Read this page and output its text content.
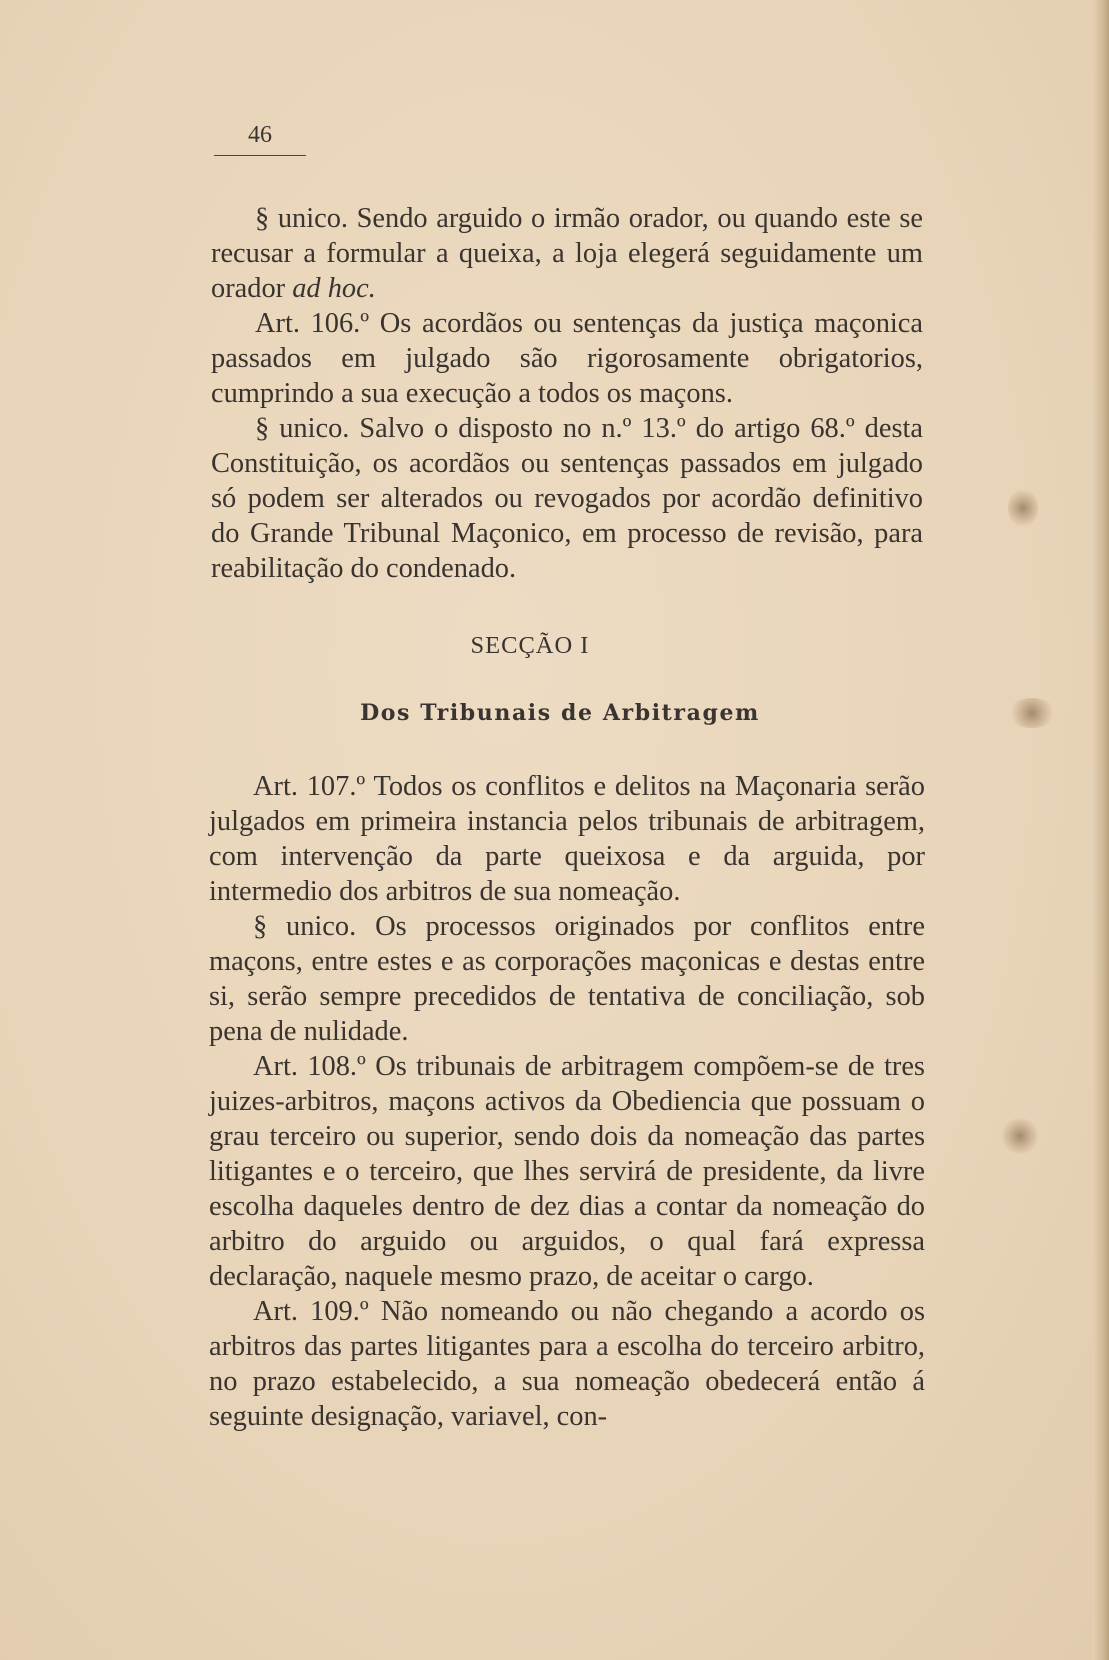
46

§ unico. Sendo arguido o irmão orador, ou quando este se recusar a formular a queixa, a loja elegerá seguidamente um orador ad hoc.

Art. 106.º Os acordãos ou sentenças da justiça maçonica passados em julgado são rigorosamente obrigatorios, cumprindo a sua execução a todos os maçons.

§ unico. Salvo o disposto no n.º 13.º do artigo 68.º desta Constituição, os acordãos ou sentenças passados em julgado só podem ser alterados ou revogados por acordão definitivo do Grande Tribunal Maçonico, em processo de revisão, para reabilitação do condenado.

SECÇÃO I
Dos Tribunais de Arbitragem

Art. 107.º Todos os conflitos e delitos na Maçonaria serão julgados em primeira instancia pelos tribunais de arbitragem, com intervenção da parte queixosa e da arguida, por intermedio dos arbitros de sua nomeação.

§ unico. Os processos originados por conflitos entre maçons, entre estes e as corporações maçonicas e destas entre si, serão sempre precedidos de tentativa de conciliação, sob pena de nulidade.

Art. 108.º Os tribunais de arbitragem compõem-se de tres juizes-arbitros, maçons activos da Obediencia que possuam o grau terceiro ou superior, sendo dois da nomeação das partes litigantes e o terceiro, que lhes servirá de presidente, da livre escolha daqueles dentro de dez dias a contar da nomeação do arbitro do arguido ou arguidos, o qual fará expressa declaração, naquele mesmo prazo, de aceitar o cargo.

Art. 109.º Não nomeando ou não chegando a acordo os arbitros das partes litigantes para a escolha do terceiro arbitro, no prazo estabelecido, a sua nomeação obedecerá então á seguinte designação, variavel, con-
